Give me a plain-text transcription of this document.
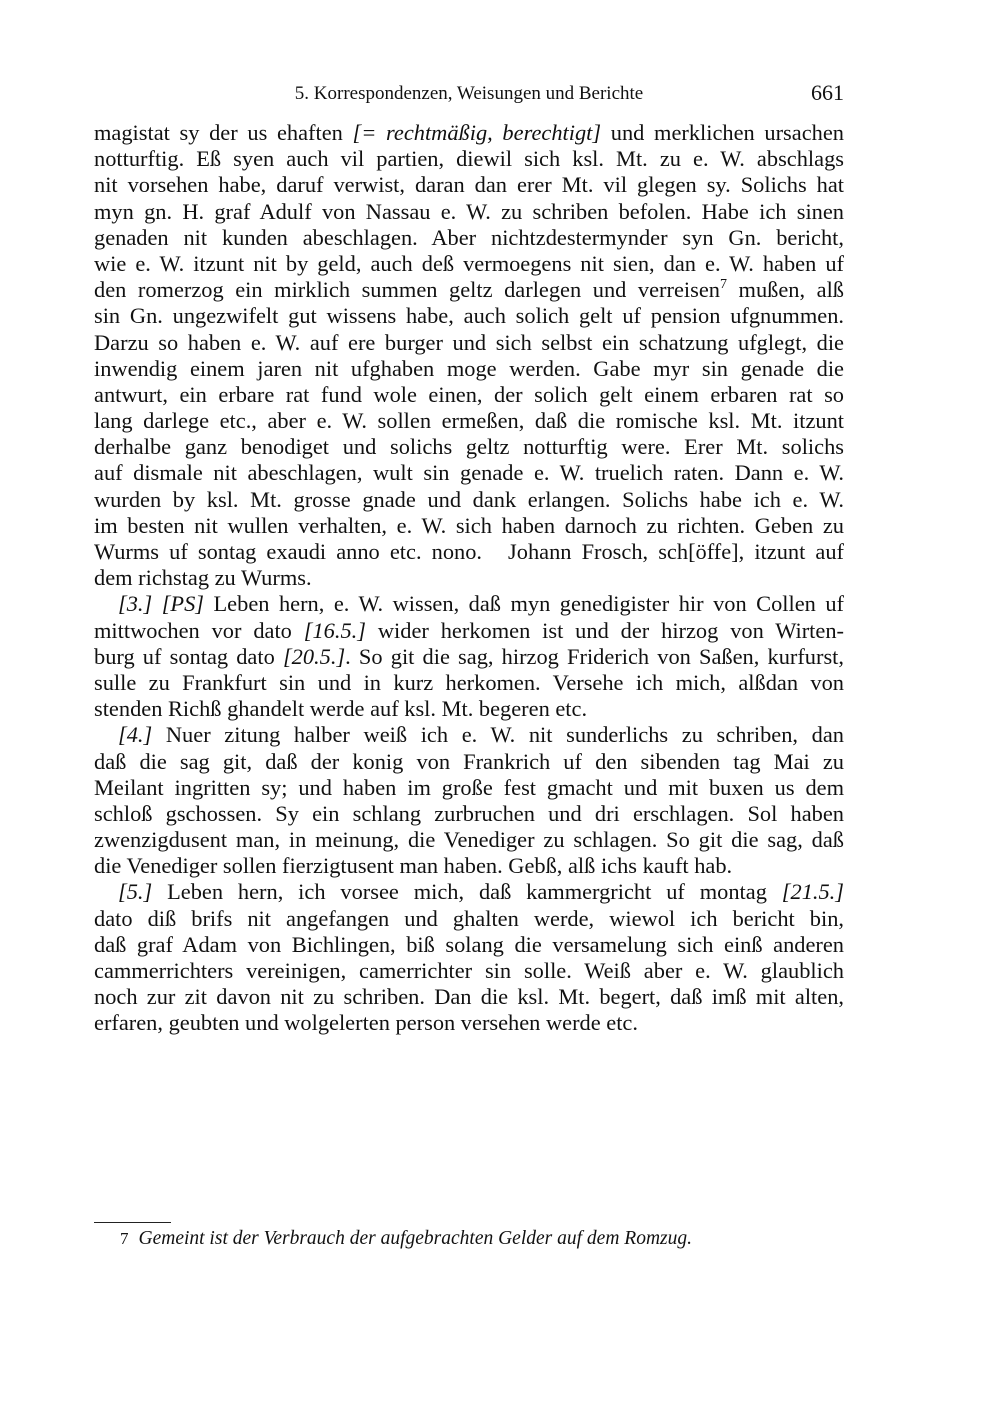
5. Korrespondenzen, Weisungen und Berichte	661
magistat sy der us ehaften [= rechtmäßig, berechtigt] und merklichen ursachen
notturftig. Eß syen auch vil partien, diewil sich ksl. Mt. zu e. W. abschlags
nit vorsehen habe, daruf verwist, daran dan erer Mt. vil glegen sy. Solichs hat
myn gn. H. graf Adulf von Nassau e. W. zu schriben befolen. Habe ich sinen
genaden nit kunden abeschlagen. Aber nichtzdestermynder syn Gn. bericht,
wie e. W. itzunt nit by geld, auch deß vermoegens nit sien, dan e. W. haben uf
den romerzog ein mirklich summen geltz darlegen und verreisen$^7$ mußen, alß
sin Gn. ungezwifelt gut wissens habe, auch solich gelt uf pension ufgnummen.
Darzu so haben e. W. auf ere burger und sich selbst ein schatzung ufglegt, die
inwendig einem jaren nit ufghaben moge werden. Gabe myr sin genade die
antwurt, ein erbare rat fund wole einen, der solich gelt einem erbaren rat so
lang darlege etc., aber e. W. sollen ermeßen, daß die romische ksl. Mt. itzunt
derhalbe ganz benodiget und solichs geltz notturftig were. Erer Mt. solichs
auf dismale nit abeschlagen, wult sin genade e. W. truelich raten. Dann e. W.
wurden by ksl. Mt. grosse gnade und dank erlangen. Solichs habe ich e. W.
im besten nit wullen verhalten, e. W. sich haben darnoch zu richten. Geben zu
Wurms uf sontag exaudi anno etc. nono. Johann Frosch, sch[öffe], itzunt auf
dem richstag zu Wurms.
[3.] [PS] Leben hern, e. W. wissen, daß myn genedigister hir von Collen uf
mittwochen vor dato [16.5.] wider herkomen ist und der hirzog von Wirten-
burg uf sontag dato [20.5.]. So git die sag, hirzog Friderich von Saßen, kurfurst,
sulle zu Frankfurt sin und in kurz herkomen. Versehe ich mich, alßdan von
stenden Richß ghandelt werde auf ksl. Mt. begeren etc.
[4.] Nuer zitung halber weiß ich e. W. nit sunderlichs zu schriben, dan
daß die sag git, daß der konig von Frankrich uf den sibenden tag Mai zu
Meilant ingritten sy; und haben im große fest gmacht und mit buxen us dem
schloß gschossen. Sy ein schlang zurbruchen und dri erschlagen. Sol haben
zwenzigdusent man, in meinung, die Venediger zu schlagen. So git die sag, daß
die Venediger sollen fierzigtusent man haben. Gebß, alß ichs kauft hab.
[5.] Leben hern, ich vorsee mich, daß kammergricht uf montag [21.5.]
dato diß brifs nit angefangen und ghalten werde, wiewol ich bericht bin,
daß graf Adam von Bichlingen, biß solang die versamelung sich einß anderen
cammerrichters vereinigen, camerrichter sin solle. Weiß aber e. W. glaublich
noch zur zit davon nit zu schriben. Dan die ksl. Mt. begert, daß imß mit alten,
erfaren, geubten und wolgelerten person versehen werde etc.
7 Gemeint ist der Verbrauch der aufgebrachten Gelder auf dem Romzug.
